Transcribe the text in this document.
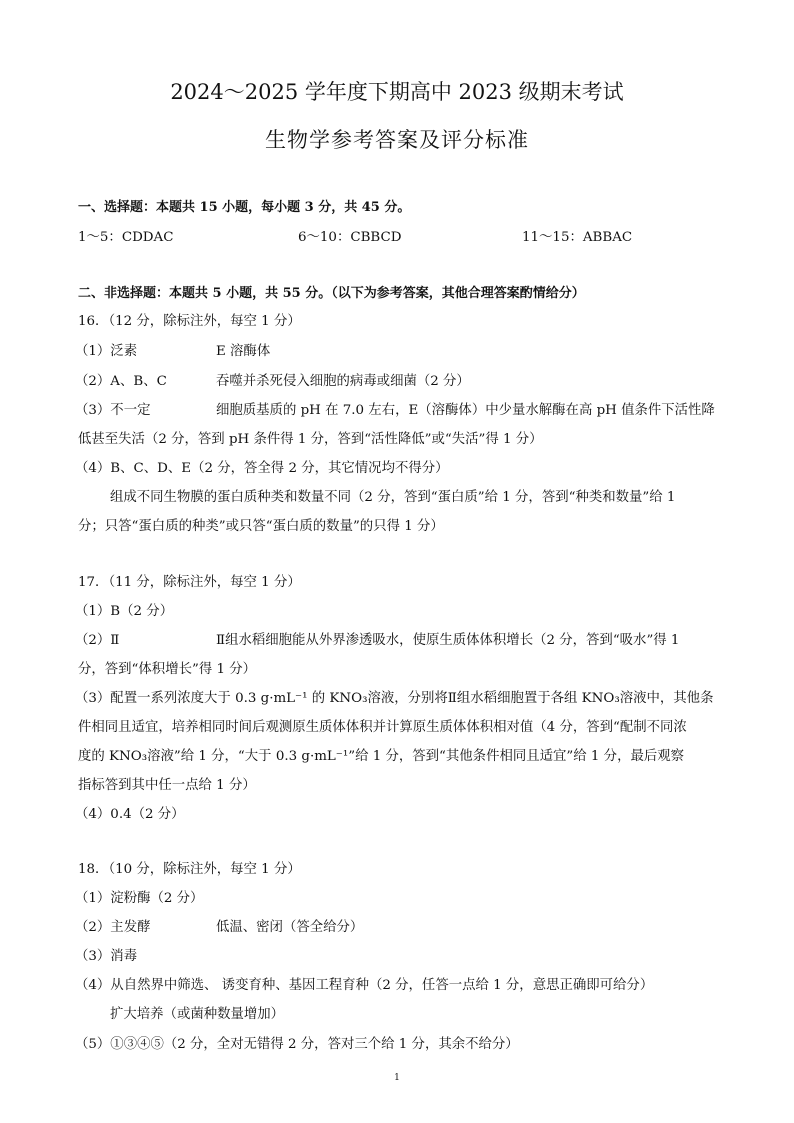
2024～2025 学年度下期高中 2023 级期末考试
生物学参考答案及评分标准
一、选择题：本题共 15 小题，每小题 3 分，共 45 分。
1～5：CDDAC	6～10：CBBCD	11～15：ABBAC
二、非选择题：本题共 5 小题，共 55 分。（以下为参考答案，其他合理答案酌情给分）
16．（12 分，除标注外，每空 1 分）
（1）泛素	E 溶酶体
（2）A、B、C	吞噬并杀死侵入细胞的病毒或细菌（2 分）
（3）不一定	细胞质基质的 pH 在 7.0 左右，E（溶酶体）中少量水解酶在高 pH 值条件下活性降
低甚至失活（2 分，答到 pH 条件得 1 分，答到“活性降低”或“失活”得 1 分）
（4）B、C、D、E（2 分，答全得 2 分，其它情况均不得分）
组成不同生物膜的蛋白质种类和数量不同（2 分，答到“蛋白质”给 1 分，答到“种类和数量”给 1
分；只答“蛋白质的种类”或只答“蛋白质的数量”的只得 1 分）
17．（11 分，除标注外，每空 1 分）
（1）B（2 分）
（2）Ⅱ	Ⅱ组水稻细胞能从外界渗透吸水，使原生质体体积增长（2 分，答到“吸水”得 1
分，答到“体积增长”得 1 分）
（3）配置一系列浓度大于 0.3 g·mL⁻¹ 的 KNO₃溶液，分别将Ⅱ组水稻细胞置于各组 KNO₃溶液中，其他条
件相同且适宜，培养相同时间后观测原生质体体积并计算原生质体体积相对值（4 分，答到“配制不同浓
度的 KNO₃溶液”给 1 分，“大于 0.3 g·mL⁻¹”给 1 分，答到“其他条件相同且适宜”给 1 分，最后观察
指标答到其中任一点给 1 分）
（4）0.4（2 分）
18．（10 分，除标注外，每空 1 分）
（1）淀粉酶（2 分）
（2）主发酵	低温、密闭（答全给分）
（3）消毒
（4）从自然界中筛选、 诱变育种、基因工程育种（2 分，任答一点给 1 分，意思正确即可给分）
扩大培养（或菌种数量增加）
（5）①③④⑤（2 分，全对无错得 2 分，答对三个给 1 分，其余不给分）
1
